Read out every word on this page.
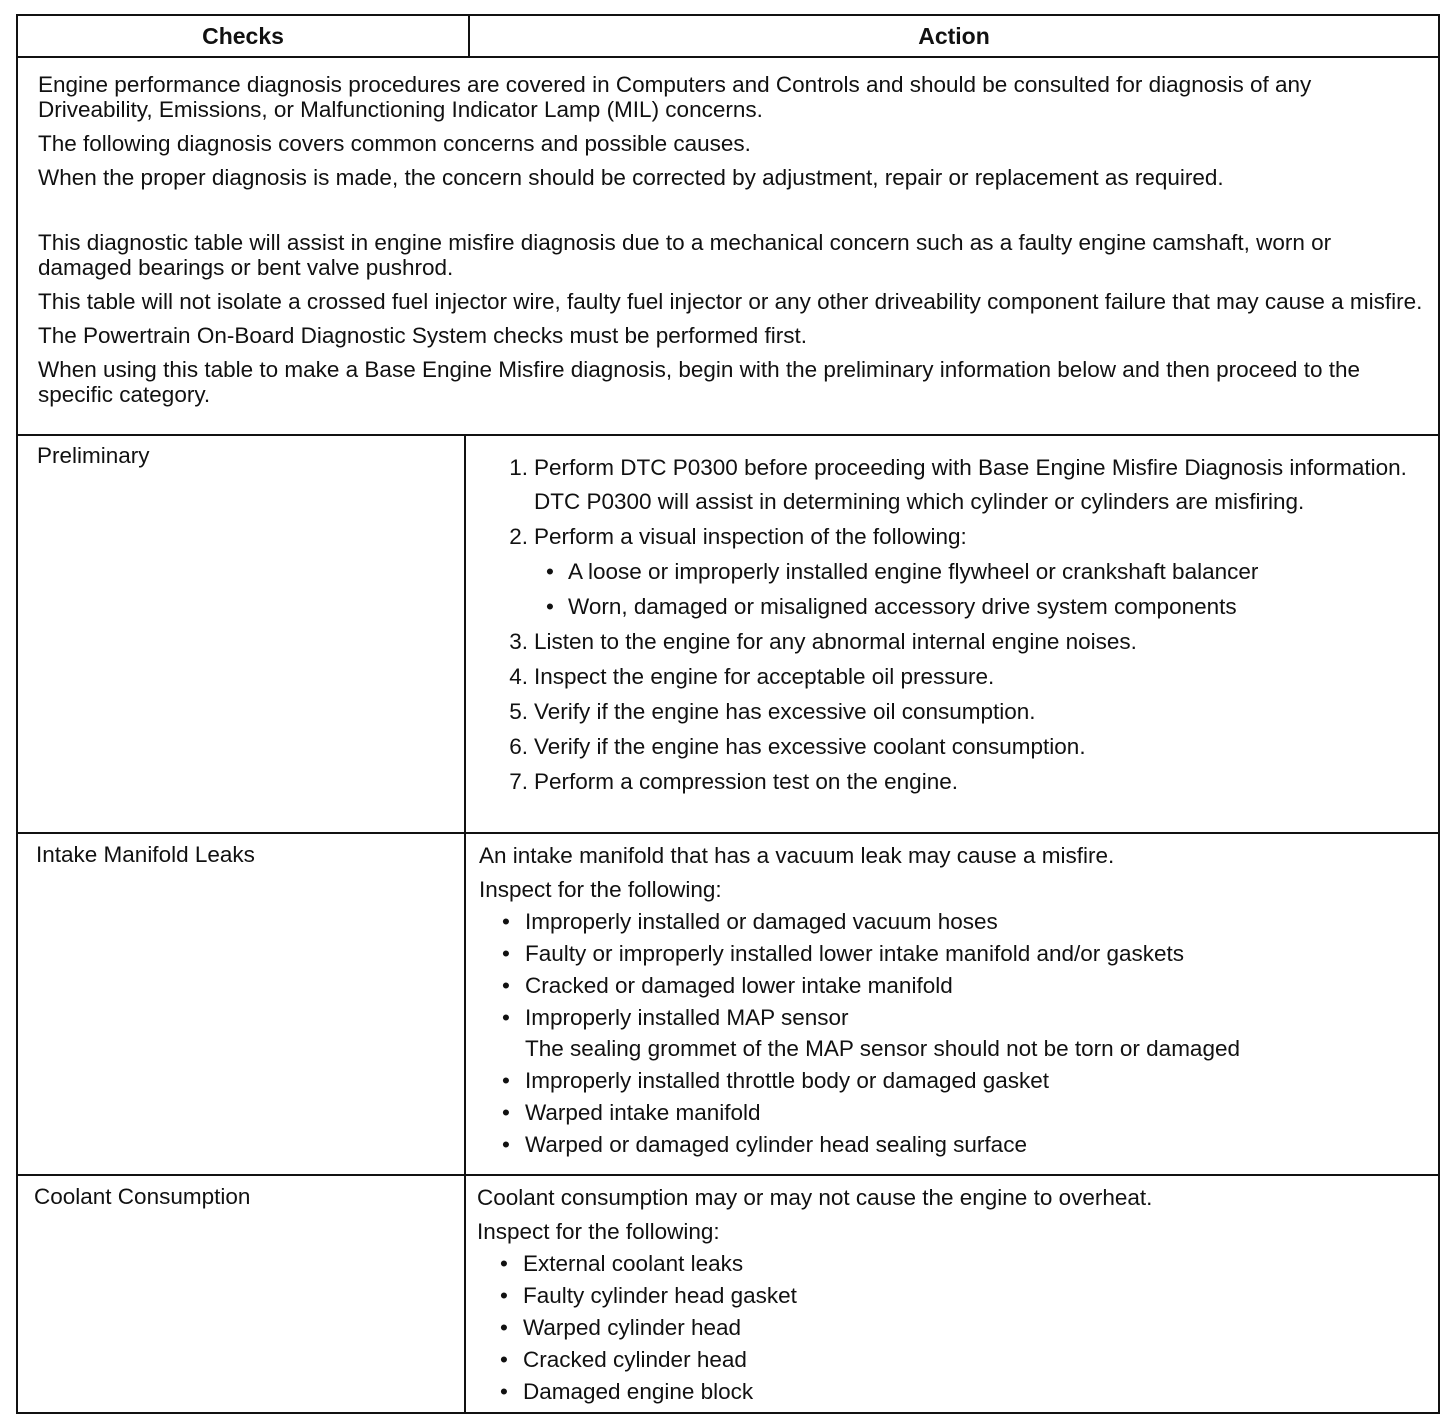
Checks	Action

Engine performance diagnosis procedures are covered in Computers and Controls and should be consulted for diagnosis of any Driveability, Emissions, or Malfunctioning Indicator Lamp (MIL) concerns.

The following diagnosis covers common concerns and possible causes.

When the proper diagnosis is made, the concern should be corrected by adjustment, repair or replacement as required.

This diagnostic table will assist in engine misfire diagnosis due to a mechanical concern such as a faulty engine camshaft, worn or damaged bearings or bent valve pushrod.

This table will not isolate a crossed fuel injector wire, faulty fuel injector or any other driveability component failure that may cause a misfire.

The Powertrain On-Board Diagnostic System checks must be performed first.

When using this table to make a Base Engine Misfire diagnosis, begin with the preliminary information below and then proceed to the specific category.

Preliminary	1. Perform DTC P0300 before proceeding with Base Engine Misfire Diagnosis information.

DTC P0300 will assist in determining which cylinder or cylinders are misfiring.

2. Perform a visual inspection of the following:

• A loose or improperly installed engine flywheel or crankshaft balancer
• Worn, damaged or misaligned accessory drive system components
3. Listen to the engine for any abnormal internal engine noises.

4. Inspect the engine for acceptable oil pressure.

5. Verify if the engine has excessive oil consumption.

6. Verify if the engine has excessive coolant consumption.

7. Perform a compression test on the engine.

Intake Manifold Leaks	An intake manifold that has a vacuum leak may cause a misfire.

Inspect for the following:

• Improperly installed or damaged vacuum hoses
• Faulty or improperly installed lower intake manifold and/or gaskets
• Cracked or damaged lower intake manifold
• Improperly installed MAP sensor

The sealing grommet of the MAP sensor should not be torn or damaged

• Improperly installed throttle body or damaged gasket
• Warped intake manifold
• Warped or damaged cylinder head sealing surface
Coolant Consumption	Coolant consumption may or may not cause the engine to overheat.

Inspect for the following:

• External coolant leaks
• Faulty cylinder head gasket
• Warped cylinder head
• Cracked cylinder head
• Damaged engine block
